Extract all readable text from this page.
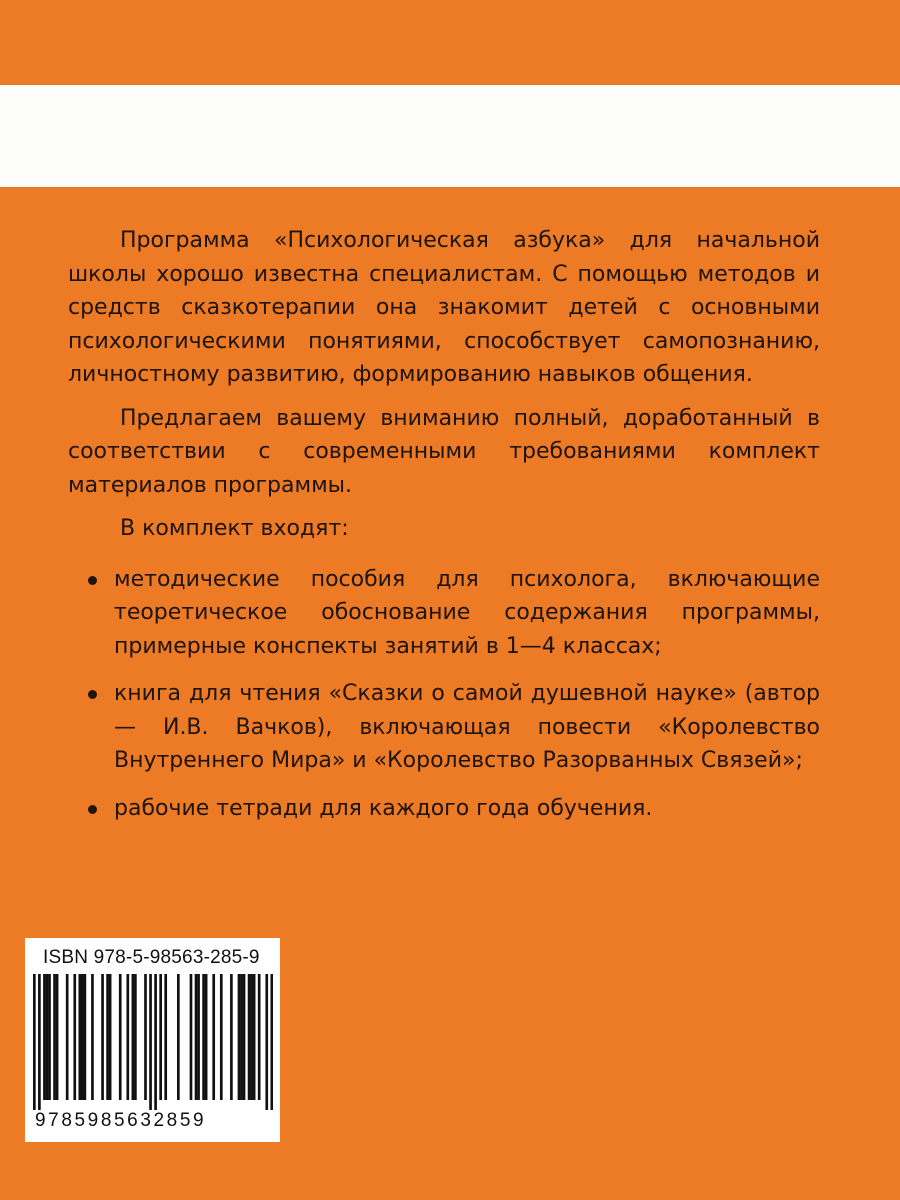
Программа «Психологическая азбука» для начальной школы хорошо известна специалистам. С помощью методов и средств сказкотерапии она знакомит детей с основными психологическими понятиями, способствует самопознанию, личностному развитию, формированию навыков общения.

Предлагаем вашему вниманию полный, доработанный в соответствии с современными требованиями комплект материалов программы.

В комплект входят:

методические пособия для психолога, включающие теоретическое обоснование содержания программы, примерные конспекты занятий в 1—4 классах;
книга для чтения «Сказки о самой душевной науке» (автор — И.В. Вачков), включающая повести «Королевство Внутреннего Мира» и «Королевство Разорванных Связей»;
рабочие тетради для каждого года обучения.
ISBN 978-5-98563-285-9
9785985632859
